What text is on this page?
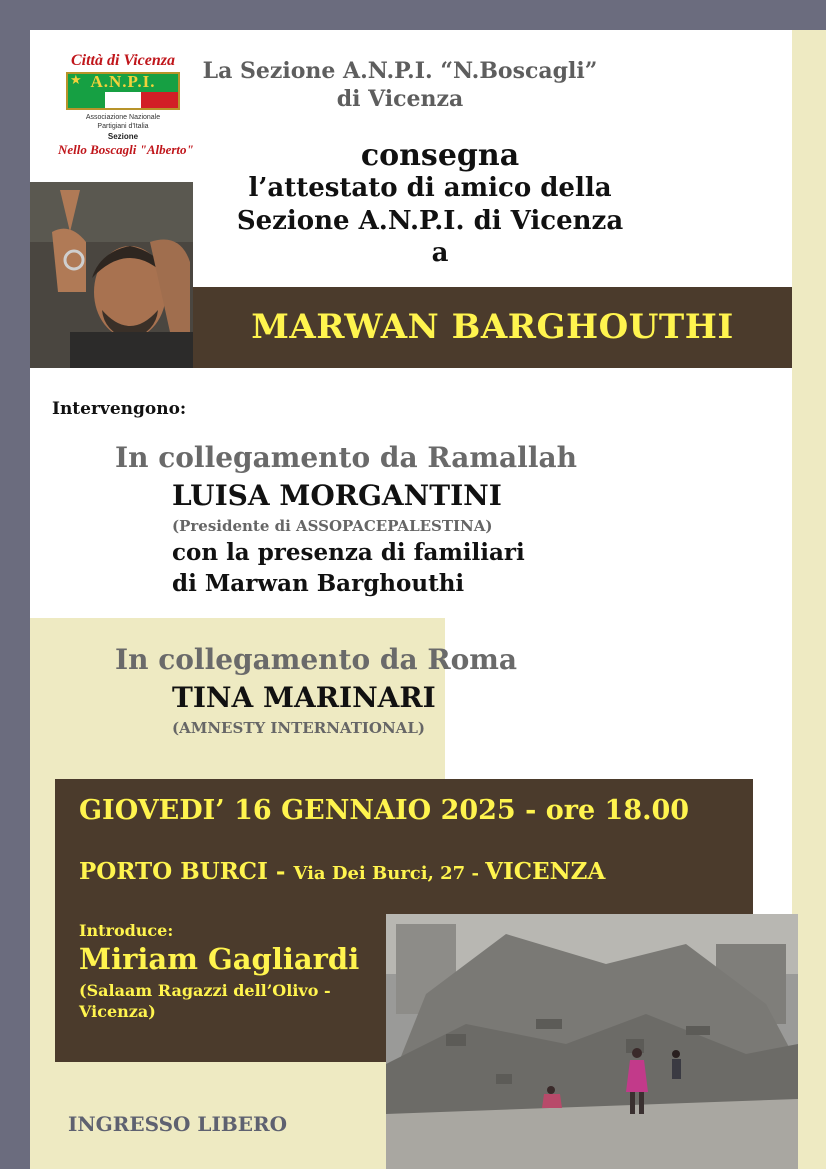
Città di Vicenza
A.N.P.I.
★
Associazione Nazionale
Partigiani d'Italia
Sezione
Nello Boscagli "Alberto"
La Sezione A.N.P.I. “N.Boscagli”
di Vicenza
consegna
l’attestato di amico della
Sezione A.N.P.I. di Vicenza
a
MARWAN BARGHOUTHI
Intervengono:
In collegamento da Ramallah
LUISA MORGANTINI
(Presidente di ASSOPACEPALESTINA)
con la presenza di familiari
di Marwan Barghouthi
In collegamento da Roma
TINA MARINARI
(AMNESTY INTERNATIONAL)
GIOVEDI’ 16 GENNAIO 2025 - ore 18.00
PORTO BURCI - Via Dei Burci, 27 - VICENZA
Introduce:
Miriam Gagliardi
(Salaam Ragazzi dell’Olivo -
Vicenza)
INGRESSO LIBERO
